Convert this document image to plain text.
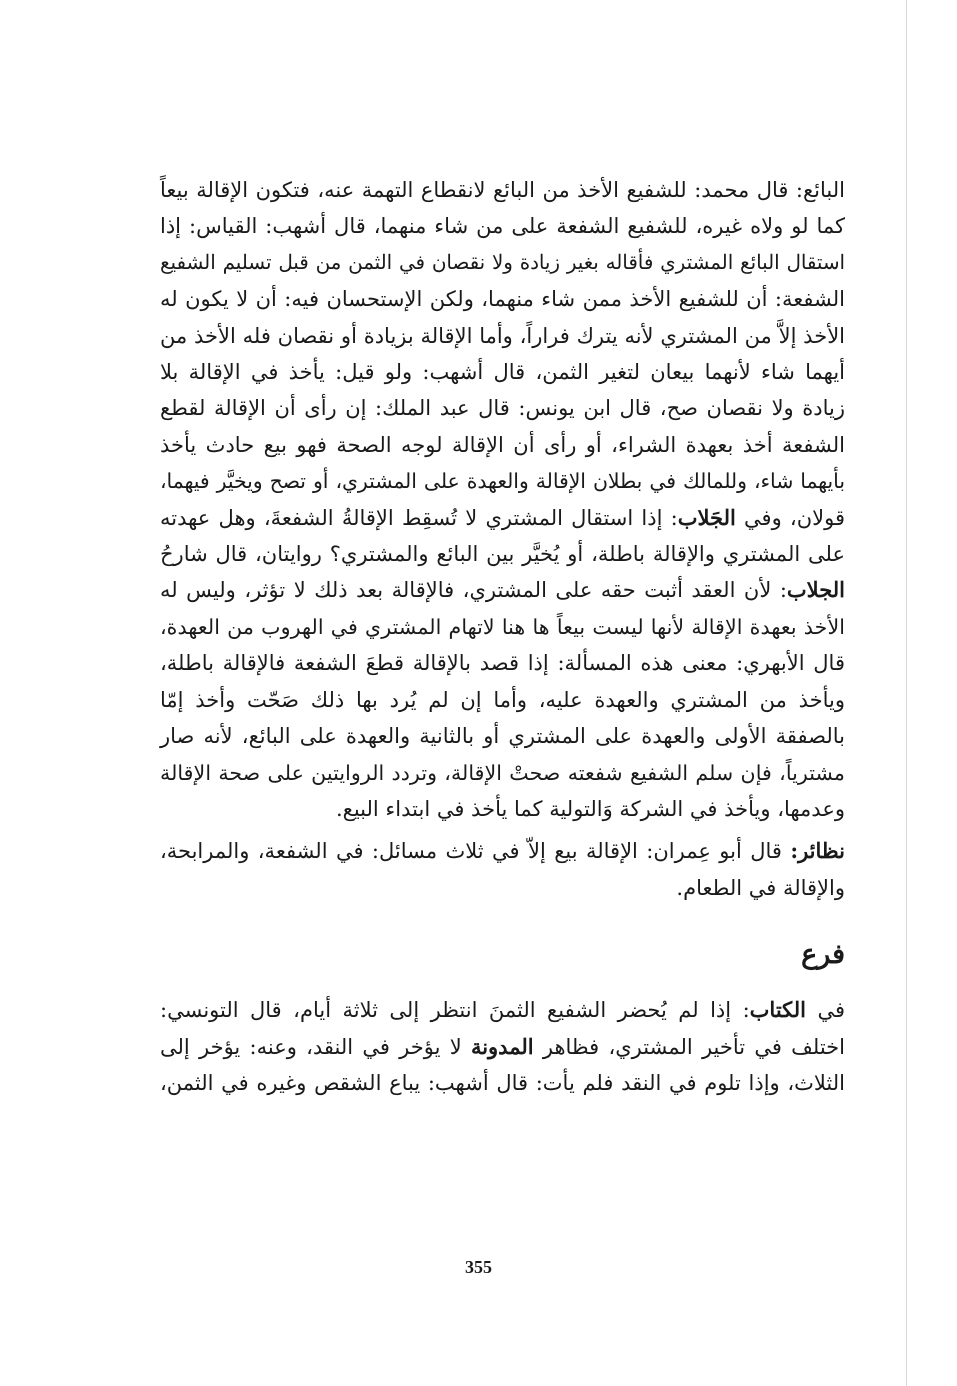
البائع: قال محمد: للشفيع الأخذ من البائع لانقطاع التهمة عنه، فتكون الإقالة بيعاً
كما لو ولاه غيره، للشفيع الشفعة على من شاء منهما، قال أشهب: القياس: إذا
استقال البائع المشتري فأقاله بغير زيادة ولا نقصان في الثمن من قبل تسليم الشفيع
الشفعة: أن للشفيع الأخذ ممن شاء منهما، ولكن الإستحسان فيه: أن لا يكون له
الأخذ إلاَّ من المشتري لأنه يترك فراراً، وأما الإقالة بزيادة أو نقصان فله الأخذ من
أيهما شاء لأنهما بيعان لتغير الثمن، قال أشهب: ولو قيل: يأخذ في الإقالة بلا
زيادة ولا نقصان صح، قال ابن يونس: قال عبد الملك: إن رأى أن الإقالة لقطع
الشفعة أخذ بعهدة الشراء، أو رأى أن الإقالة لوجه الصحة فهو بيع حادث يأخذ
بأيهما شاء، وللمالك في بطلان الإقالة والعهدة على المشتري، أو تصح ويخيَّر فيهما،
قولان، وفي الجَلاب: إذا استقال المشتري لا تُسقِط الإقالةُ الشفعةَ، وهل عهدته
على المشتري والإقالة باطلة، أو يُخيَّر بين البائع والمشتري؟ روايتان، قال شارحُ
الجلاب: لأن العقد أثبت حقه على المشتري، فالإقالة بعد ذلك لا تؤثر، وليس له
الأخذ بعهدة الإقالة لأنها ليست بيعاً ها هنا لاتهام المشتري في الهروب من العهدة،
قال الأبهري: معنى هذه المسألة: إذا قصد بالإقالة قطعَ الشفعة فالإقالة باطلة،
ويأخذ من المشتري والعهدة عليه، وأما إن لم يُرد بها ذلك صَحّت وأخذ إمّا
بالصفقة الأولى والعهدة على المشتري أو بالثانية والعهدة على البائع، لأنه صار
مشترياً، فإن سلم الشفيع شفعته صحتْ الإقالة، وتردد الروايتين على صحة الإقالة
وعدمها، ويأخذ في الشركة وَالتولية كما يأخذ في ابتداء البيع.

نظائر: قال أبو عِمران: الإقالة بيع إلاّ في ثلاث مسائل: في الشفعة، والمرابحة،
والإقالة في الطعام.

فرع

في الكتاب: إذا لم يُحضر الشفيع الثمنَ انتظر إلى ثلاثة أيام، قال التونسي:
اختلف في تأخير المشتري، فظاهر المدونة لا يؤخر في النقد، وعنه: يؤخر إلى
الثلاث، وإذا تلوم في النقد فلم يأت: قال أشهب: يباع الشقص وغيره في الثمن،

355
